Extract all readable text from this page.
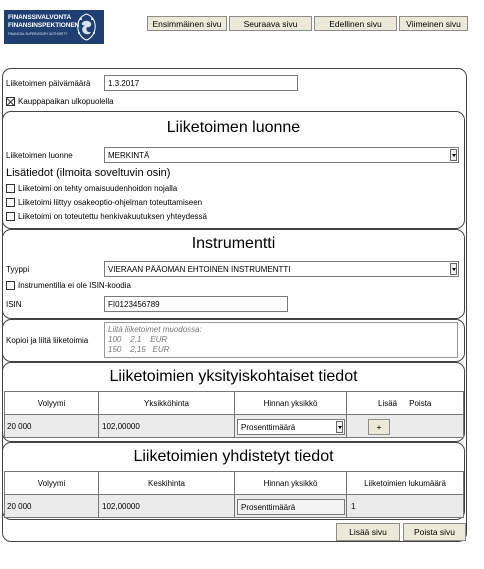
FINANSSIVALVONTA
FINANSINSPEKTIONEN
FINANCIAL SUPERVISORY AUTHORITY
Ensimmäinen sivu	Seuraava sivu	Edellinen sivu	Viimeinen sivu
Liiketoimen päivämäärä	1.3.2017
Kauppapaikan ulkopuolella
Liiketoimen luonne
Liiketoimen luonne	MERKINTÄ
Lisätiedot (ilmoita soveltuvin osin)
Liiketoimi on tehty omaisuudenhoidon nojalla
Liiketoimi liittyy osakeoptio-ohjelman toteuttamiseen
Liiketoimi on toteutettu henkivakuutuksen yhteydessä
Instrumentti
Tyyppi	VIERAAN PÄÄOMAN EHTOINEN INSTRUMENTTI
Instrumentilla ei ole ISIN-koodia
ISIN	FI0123456789
Kopioi ja liitä liiketoimia
Liitä liiketoimet muodossa:
100    2,1    EUR
150    2,15   EUR
Liiketoimien yksityiskohtaiset tiedot
Volyymi	Yksikköhinta	Hinnan yksikkö	Lisää Poista
20 000	102,00000	Prosenttimäärä	+
Liiketoimien yhdistetyt tiedot
Volyymi	Keskihinta	Hinnan yksikkö	Liiketoimien lukumäärä
20 000	102,00000	Prosenttimäärä	1
Lisää sivu	Poista sivu
